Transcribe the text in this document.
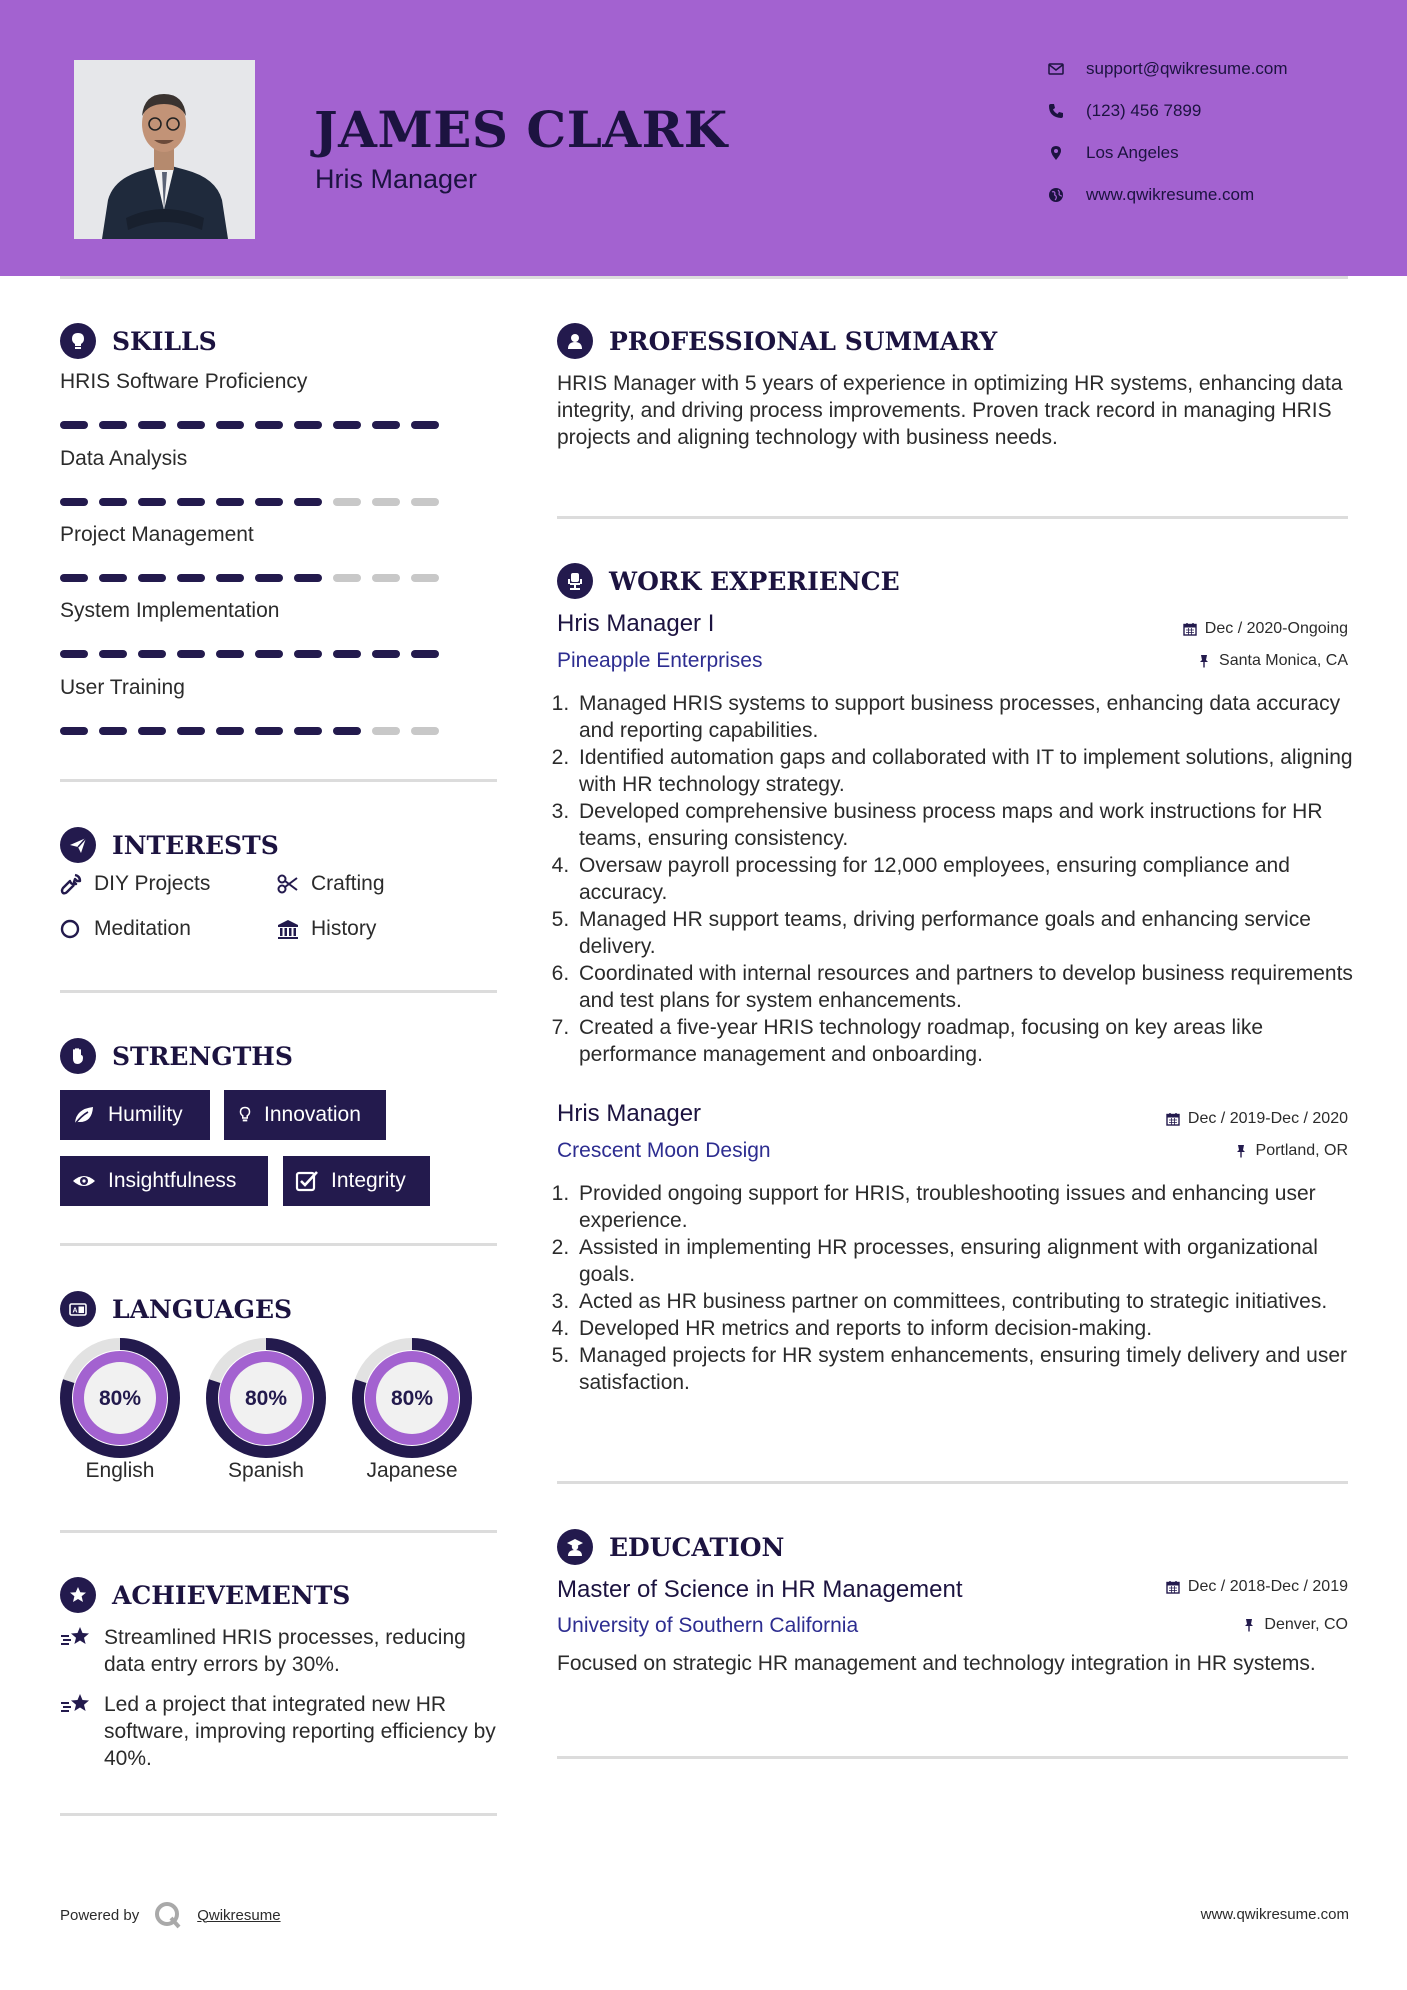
JAMES CLARK
Hris Manager
support@qwikresume.com
(123) 456 7899
Los Angeles
www.qwikresume.com
SKILLS
HRIS Software Proficiency
Data Analysis
Project Management
System Implementation
User Training
INTERESTS
DIY Projects	Crafting
Meditation	History
STRENGTHS
Humility	Innovation
Insightfulness	Integrity
A LANGUAGES
80%
English
80%
Spanish
80%
Japanese
ACHIEVEMENTS
Streamlined HRIS processes, reducing data entry errors by 30%.
Led a project that integrated new HR software, improving reporting efficiency by 40%.
PROFESSIONAL SUMMARY
HRIS Manager with 5 years of experience in optimizing HR systems, enhancing data integrity, and driving process improvements. Proven track record in managing HRIS projects and aligning technology with business needs.
WORK EXPERIENCE
Hris Manager I	Dec / 2020-Ongoing
Pineapple Enterprises	Santa Monica, CA
1. Managed HRIS systems to support business processes, enhancing data accuracy and reporting capabilities.
2. Identified automation gaps and collaborated with IT to implement solutions, aligning with HR technology strategy.
3. Developed comprehensive business process maps and work instructions for HR teams, ensuring consistency.
4. Oversaw payroll processing for 12,000 employees, ensuring compliance and accuracy.
5. Managed HR support teams, driving performance goals and enhancing service delivery.
6. Coordinated with internal resources and partners to develop business requirements and test plans for system enhancements.
7. Created a five-year HRIS technology roadmap, focusing on key areas like performance management and onboarding.
Hris Manager	Dec / 2019-Dec / 2020
Crescent Moon Design	Portland, OR
1. Provided ongoing support for HRIS, troubleshooting issues and enhancing user experience.
2. Assisted in implementing HR processes, ensuring alignment with organizational goals.
3. Acted as HR business partner on committees, contributing to strategic initiatives.
4. Developed HR metrics and reports to inform decision-making.
5. Managed projects for HR system enhancements, ensuring timely delivery and user satisfaction.
EDUCATION
Master of Science in HR Management	Dec / 2018-Dec / 2019
University of Southern California	Denver, CO
Focused on strategic HR management and technology integration in HR systems.
Powered by	Qwikresume	www.qwikresume.com
